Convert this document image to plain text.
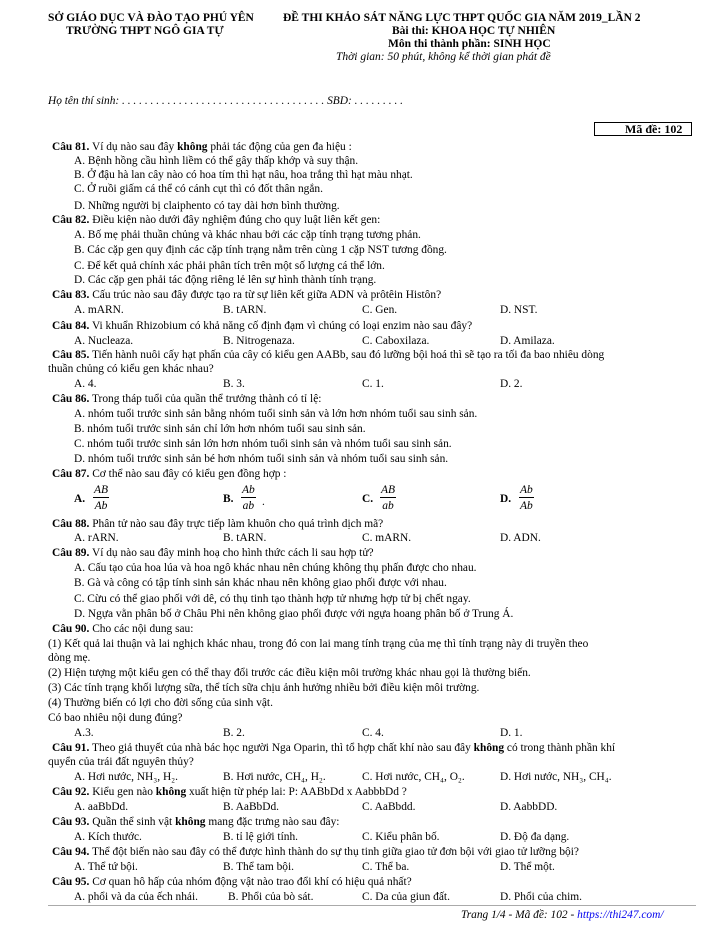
SỞ GIÁO DỤC VÀ ĐÀO TẠO PHÚ YÊN
TRƯỜNG THPT NGÔ GIA TỰ
ĐỀ THI KHẢO SÁT NĂNG LỰC THPT QUỐC GIA NĂM 2019_LẦN 2
Bài thi: KHOA HỌC TỰ NHIÊN
Môn thi thành phần: SINH HỌC
Thời gian: 50 phút, không kể thời gian phát đề
Họ tên thí sinh: . . . . . . . . . . . . . . . . . . . . . . . . . . . . . . . . . . . . SBD: . . . . . . . . .
Mã đề: 102
Câu 81. Ví dụ nào sau đây không phải tác động của gen đa hiệu :
A. Bệnh hồng cầu hình liềm có thể gây thấp khớp và suy thận.
B. Ở đậu hà lan cây nào có hoa tím thì hạt nâu, hoa trắng thì hạt màu nhạt.
C. Ở ruồi giấm cá thể có cánh cụt thì có đốt thân ngắn.
D. Những người bị claiphento có tay dài hơn bình thường.
Câu 82. Điều kiện nào dưới đây nghiệm đúng cho quy luật liên kết gen:
A. Bố mẹ phải thuần chủng và khác nhau bởi các cặp tính trạng tương phản.
B. Các cặp gen quy định các cặp tính trạng nằm trên cùng 1 cặp NST tương đồng.
C. Để kết quả chính xác phải phân tích trên một số lượng cá thể lớn.
D. Các cặp gen phải tác động riêng lẻ lên sự hình thành tính trạng.
Câu 83. Cấu trúc nào sau đây được tạo ra từ sự liên kết giữa ADN và prôtêin Histôn?
A. mARN.	B. tARN.	C. Gen.	D. NST.
Câu 84. Vi khuẩn Rhizobium có khả năng cố định đạm vì chúng có loại enzim nào sau đây?
A. Nucleaza.	B. Nitrogenaza.	C. Caboxilaza.	D. Amilaza.
Câu 85. Tiến hành nuôi cấy hạt phấn của cây có kiểu gen AABb, sau đó lưỡng bội hoá thì sẽ tạo ra tối đa bao nhiêu dòng
thuần chủng có kiểu gen khác nhau?
A. 4.	B. 3.	C. 1.	D. 2.
Câu 86. Trong tháp tuổi của quần thể trưởng thành có tỉ lệ:
A. nhóm tuổi trước sinh sản bằng nhóm tuổi sinh sản và lớn hơn nhóm tuổi sau sinh sản.
B. nhóm tuổi trước sinh sản chỉ lớn hơn nhóm tuổi sau sinh sản.
C. nhóm tuổi trước sinh sản lớn hơn nhóm tuổi sinh sản và nhóm tuổi sau sinh sản.
D. nhóm tuổi trước sinh sản bé hơn nhóm tuổi sinh sản và nhóm tuổi sau sinh sản.
Câu 87. Cơ thể nào sau đây có kiểu gen đồng hợp :
A. $\frac{AB}{Ab}$	B. $\frac{Ab}{ab}$ .	C. $\frac{AB}{ab}$	D. $\frac{Ab}{Ab}$
Câu 88. Phân tử nào sau đây trực tiếp làm khuôn cho quá trình dịch mã?
A. rARN.	B. tARN.	C. mARN.	D. ADN.
Câu 89. Ví dụ nào sau đây minh hoạ cho hình thức cách li sau hợp tử?
A. Cấu tạo của hoa lúa và hoa ngô khác nhau nên chúng không thụ phấn được cho nhau.
B. Gà và công có tập tính sinh sản khác nhau nên không giao phối được với nhau.
C. Cừu có thể giao phối với dê, có thụ tinh tạo thành hợp tử nhưng hợp tử bị chết ngay.
D. Ngựa vằn phân bố ở Châu Phi nên không giao phối được với ngựa hoang phân bố ở Trung Á.
Câu 90. Cho các nội dung sau:
(1) Kết quả lai thuận và lai nghịch khác nhau, trong đó con lai mang tính trạng của mẹ thì tính trạng này di truyền theo
dòng mẹ.
(2) Hiện tượng một kiểu gen có thể thay đổi trước các điều kiện môi trường khác nhau gọi là thường biến.
(3) Các tính trạng khối lượng sữa, thể tích sữa chịu ảnh hưởng nhiều bởi điều kiện môi trường.
(4) Thường biến có lợi cho đời sống của sinh vật.
Có bao nhiêu nội dung đúng?
A.3.	B. 2.	C. 4.	D. 1.
Câu 91. Theo giả thuyết của nhà bác học người Nga Oparin, thì tổ hợp chất khí nào sau đây không có trong thành phần khí
quyển của trái đất nguyên thủy?
A. Hơi nước, NH₃, H₂.	B. Hơi nước, CH₄, H₂.	C. Hơi nước, CH₄, O₂.	D. Hơi nước, NH₃, CH₄.
Câu 92. Kiểu gen nào không xuất hiện từ phép lai: P: AABbDd x AabbbDd ?
A. aaBbDd.	B. AaBbDd.	C. AaBbdd.	D. AabbDD.
Câu 93. Quần thể sinh vật không mang đặc trưng nào sau đây:
A. Kích thước.	B. tỉ lệ giới tính.	C. Kiểu phân bố.	D. Độ đa dạng.
Câu 94. Thể đột biến nào sau đây có thể được hình thành do sự thụ tinh giữa giao tử đơn bội với giao tử lưỡng bội?
A. Thể tứ bội.	B. Thể tam bội.	C. Thể ba.	D. Thể một.
Câu 95. Cơ quan hô hấp của nhóm động vật nào trao đổi khí có hiệu quả nhất?
A. phổi và da của ếch nhái.	B. Phổi của bò sát.	C. Da của giun đất.	D. Phổi của chim.
Trang 1/4 - Mã đề: 102 - https://thi247.com/
